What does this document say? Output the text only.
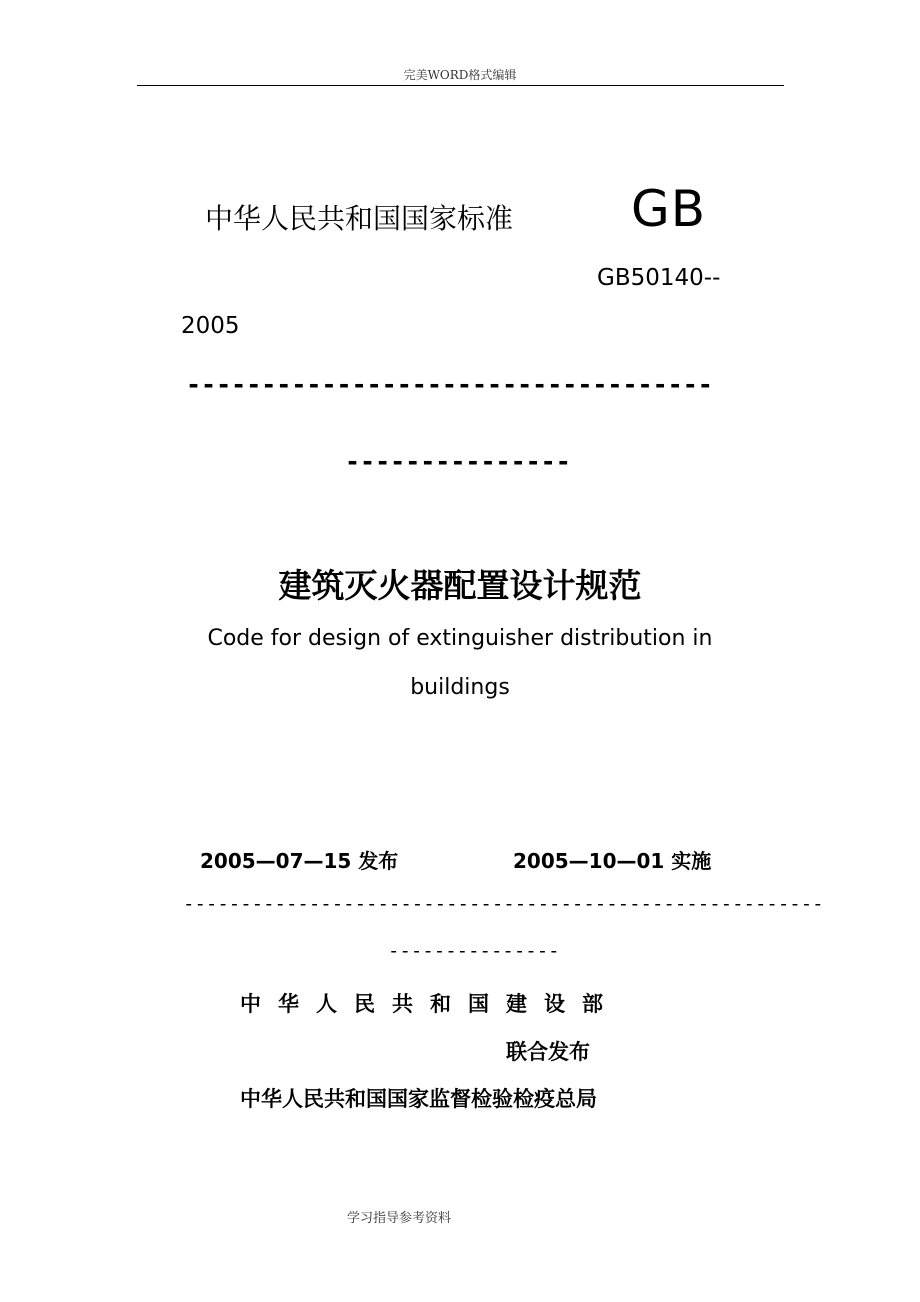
完美WORD格式编辑
中华人民共和国国家标准 GB
GB50140--
2005
-----------------------------------
---------------
建筑灭火器配置设计规范
Code for design of extinguisher distribution in
buildings
2005—07—15 发布	2005—10—01 实施
--------------------------------------------------------
---------------
中华人民共和国建设部
联合发布
中华人民共和国国家监督检验检疫总局
学习指导参考资料
